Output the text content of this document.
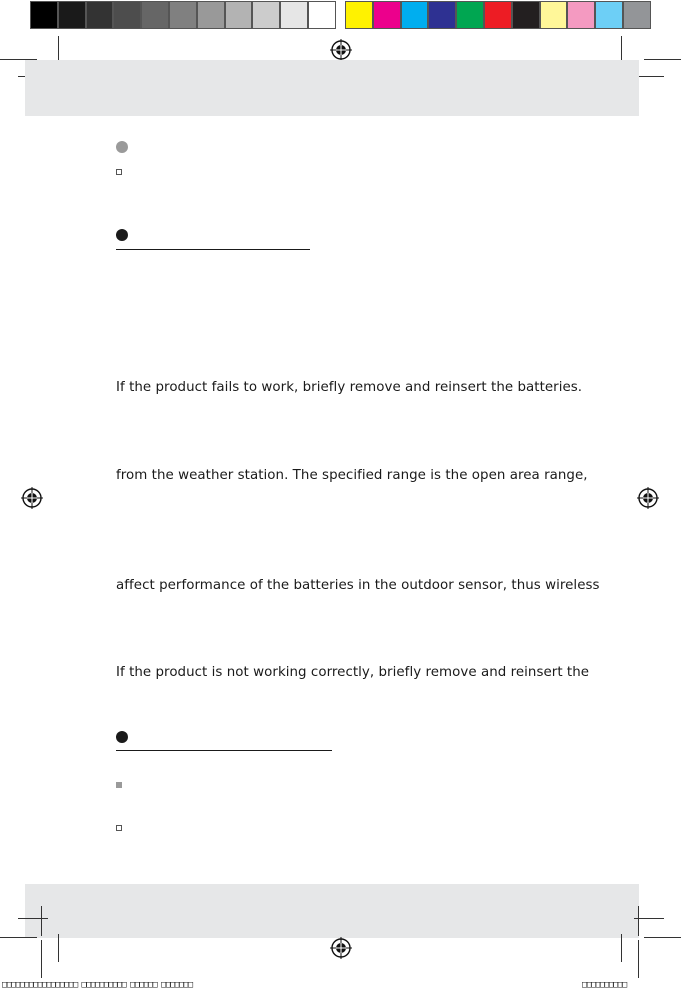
If the product fails to work, briefly remove and reinsert the batteries.
from the weather station. The specified range is the open area range,
affect performance of the batteries in the outdoor sensor, thus wireless
If the product is not working correctly, briefly remove and reinsert the
□□□□□□□□□□□□□□□□□ □□□□□□□□□□ □□□□□□ □□□□□□□	□□□□□□□□□□
